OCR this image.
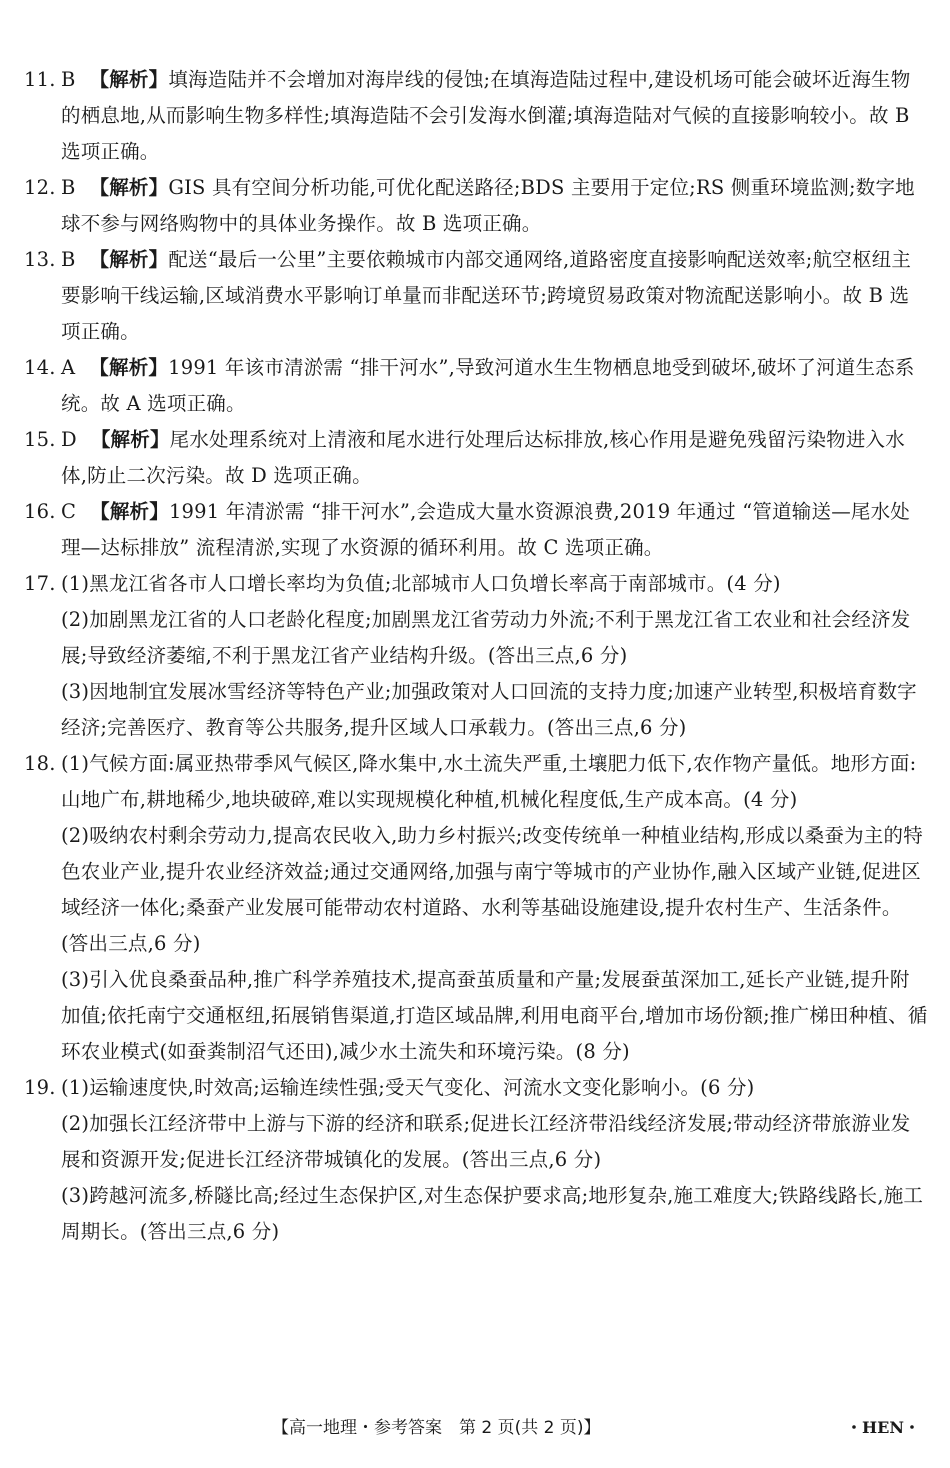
11. B 【解析】填海造陆并不会增加对海岸线的侵蚀;在填海造陆过程中,建设机场可能会破坏近海生物的栖息地,从而影响生物多样性;填海造陆不会引发海水倒灌;填海造陆对气候的直接影响较小。故 B 选项正确。
12. B 【解析】GIS 具有空间分析功能,可优化配送路径;BDS 主要用于定位;RS 侧重环境监测;数字地球不参与网络购物中的具体业务操作。故 B 选项正确。
13. B 【解析】配送“最后一公里”主要依赖城市内部交通网络,道路密度直接影响配送效率;航空枢纽主要影响干线运输,区域消费水平影响订单量而非配送环节;跨境贸易政策对物流配送影响小。故 B 选项正确。
14. A 【解析】1991 年该市清淤需 “排干河水”,导致河道水生生物栖息地受到破坏,破坏了河道生态系统。故 A 选项正确。
15. D 【解析】尾水处理系统对上清液和尾水进行处理后达标排放,核心作用是避免残留污染物进入水体,防止二次污染。故 D 选项正确。
16. C 【解析】1991 年清淤需 “排干河水”,会造成大量水资源浪费,2019 年通过 “管道输送—尾水处理—达标排放” 流程清淤,实现了水资源的循环利用。故 C 选项正确。
17. (1)黑龙江省各市人口增长率均为负值;北部城市人口负增长率高于南部城市。(4 分)

(2)加剧黑龙江省的人口老龄化程度;加剧黑龙江省劳动力外流;不利于黑龙江省工农业和社会经济发展;导致经济萎缩,不利于黑龙江省产业结构升级。(答出三点,6 分)

(3)因地制宜发展冰雪经济等特色产业;加强政策对人口回流的支持力度;加速产业转型,积极培育数字经济;完善医疗、教育等公共服务,提升区域人口承载力。(答出三点,6 分)

18. (1)气候方面:属亚热带季风气候区,降水集中,水土流失严重,土壤肥力低下,农作物产量低。地形方面:山地广布,耕地稀少,地块破碎,难以实现规模化种植,机械化程度低,生产成本高。(4 分)

(2)吸纳农村剩余劳动力,提高农民收入,助力乡村振兴;改变传统单一种植业结构,形成以桑蚕为主的特色农业产业,提升农业经济效益;通过交通网络,加强与南宁等城市的产业协作,融入区域产业链,促进区域经济一体化;桑蚕产业发展可能带动农村道路、水利等基础设施建设,提升农村生产、生活条件。(答出三点,6 分)

(3)引入优良桑蚕品种,推广科学养殖技术,提高蚕茧质量和产量;发展蚕茧深加工,延长产业链,提升附加值;依托南宁交通枢纽,拓展销售渠道,打造区域品牌,利用电商平台,增加市场份额;推广梯田种植、循环农业模式(如蚕粪制沼气还田),减少水土流失和环境污染。(8 分)

19. (1)运输速度快,时效高;运输连续性强;受天气变化、河流水文变化影响小。(6 分)

(2)加强长江经济带中上游与下游的经济和联系;促进长江经济带沿线经济发展;带动经济带旅游业发展和资源开发;促进长江经济带城镇化的发展。(答出三点,6 分)

(3)跨越河流多,桥隧比高;经过生态保护区,对生态保护要求高;地形复杂,施工难度大;铁路线路长,施工周期长。(答出三点,6 分)

【高一地理・参考答案　第 2 页(共 2 页)】	・HEN・
